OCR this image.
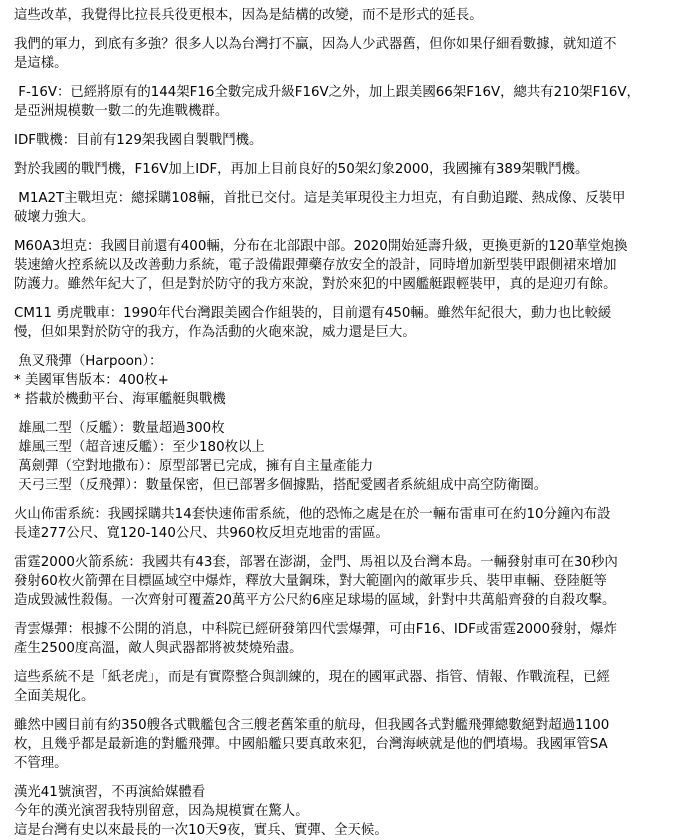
這些改革，我覺得比拉長兵役更根本，因為是結構的改變，而不是形式的延長。
我們的軍力，到底有多強？很多人以為台灣打不贏，因為人少武器舊，但你如果仔細看數據，就知道不
是這樣。
F-16V：已經將原有的144架F16全數完成升級F16V之外，加上跟美國66架F16V，總共有210架F16V，
是亞洲規模數一數二的先進戰機群。
IDF戰機：目前有129架我國自製戰鬥機。
對於我國的戰鬥機，F16V加上IDF，再加上目前良好的50架幻象2000，我國擁有389架戰鬥機。
M1A2T主戰坦克：總採購108輛，首批已交付。這是美軍現役主力坦克，有自動追蹤、熱成像、反裝甲
破壞力強大。
M60A3坦克：我國目前還有400輛，分布在北部跟中部。2020開始延壽升級，更換更新的120華堂炮換
裝速繪火控系統以及改善動力系統，電子設備跟彈藥存放安全的設計，同時增加新型裝甲跟側裙來增加
防護力。雖然年紀大了，但是對於防守的我方來說，對於來犯的中國艦艇跟輕裝甲，真的是迎刃有餘。
CM11 勇虎戰車：1990年代台灣跟美國合作組裝的，目前還有450輛。雖然年紀很大，動力也比較緩
慢，但如果對於防守的我方，作為活動的火砲來說，威力還是巨大。
魚叉飛彈（Harpoon）：
* 美國軍售版本：400枚+
* 搭載於機動平台、海軍艦艇與戰機
雄風二型（反艦）：數量超過300枚
雄風三型（超音速反艦）：至少180枚以上
萬劍彈（空對地撒布）：原型部署已完成，擁有自主量產能力
天弓三型（反飛彈）：數量保密，但已部署多個據點，搭配愛國者系統組成中高空防衛圈。
火山佈雷系統：我國採購共14套快速佈雷系統，他的恐怖之處是在於一輛布雷車可在約10分鐘內布設
長達277公尺、寬120-140公尺、共960枚反坦克地雷的雷區。
雷霆2000火箭系統：我國共有43套，部署在澎湖，金門、馬祖以及台灣本島。一輛發射車可在30秒內
發射60枚火箭彈在目標區域空中爆炸，釋放大量鋼珠，對大範圍內的敵軍步兵、裝甲車輛、登陸艇等
造成毀滅性殺傷。一次齊射可覆蓋20萬平方公尺約6座足球場的區域，針對中共萬船齊發的自殺攻擊。
青雲爆彈：根據不公開的消息，中科院已經研發第四代雲爆彈，可由F16、IDF或雷霆2000發射，爆炸
產生2500度高溫，敵人與武器都將被焚燒殆盡。
這些系統不是「紙老虎」，而是有實際整合與訓練的，現在的國軍武器、指管、情報、作戰流程，已經
全面美規化。
雖然中國目前有約350艘各式戰艦包含三艘老舊笨重的航母，但我國各式對艦飛彈總數絕對超過1100
枚，且幾乎都是最新進的對艦飛彈。中國船艦只要真敢來犯，台灣海峽就是他的們墳場。我國軍管SA
不管理。
漢光41號演習，不再演給媒體看
今年的漢光演習我特別留意，因為規模實在驚人。
這是台灣有史以來最長的一次10天9夜，實兵、實彈、全天候。
